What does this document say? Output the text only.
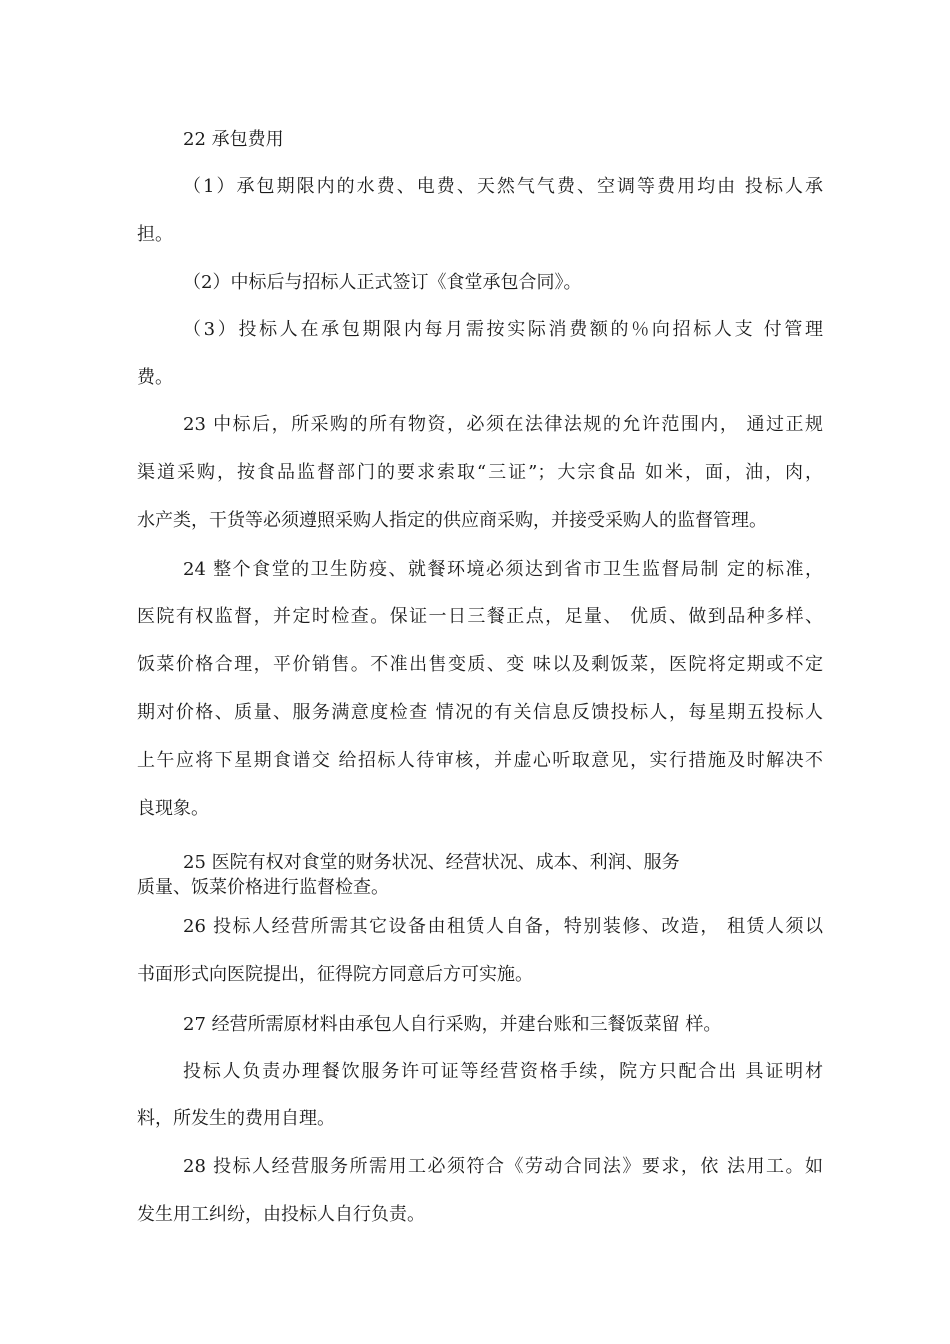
22 承包费用
（1）承包期限内的水费、电费、天然气气费、空调等费用均由 投标人承
担。
（2）中标后与招标人正式签订《食堂承包合同》。
（3）投标人在承包期限内每月需按实际消费额的％向招标人支 付管理
费。
23 中标后，所采购的所有物资，必须在法律法规的允许范围内， 通过正规
渠道采购，按食品监督部门的要求索取“三证”；大宗食品 如米，面，油，肉，
水产类，干货等必须遵照采购人指定的供应商采购，并接受采购人的监督管理。
24 整个食堂的卫生防疫、就餐环境必须达到省市卫生监督局制 定的标准，
医院有权监督，并定时检查。保证一日三餐正点，足量、 优质、做到品种多样、
饭菜价格合理，平价销售。不准出售变质、变 味以及剩饭菜，医院将定期或不定
期对价格、质量、服务满意度检查 情况的有关信息反馈投标人，每星期五投标人
上午应将下星期食谱交 给招标人待审核，并虚心听取意见，实行措施及时解决不
良现象。
25 医院有权对食堂的财务状况、经营状况、成本、利润、服务
质量、饭菜价格进行监督检查。
26 投标人经营所需其它设备由租赁人自备，特别装修、改造， 租赁人须以
书面形式向医院提出，征得院方同意后方可实施。
27 经营所需原材料由承包人自行采购，并建台账和三餐饭菜留 样。
投标人负责办理餐饮服务许可证等经营资格手续，院方只配合出 具证明材
料，所发生的费用自理。
28 投标人经营服务所需用工必须符合《劳动合同法》要求，依 法用工。如
发生用工纠纷，由投标人自行负责。
